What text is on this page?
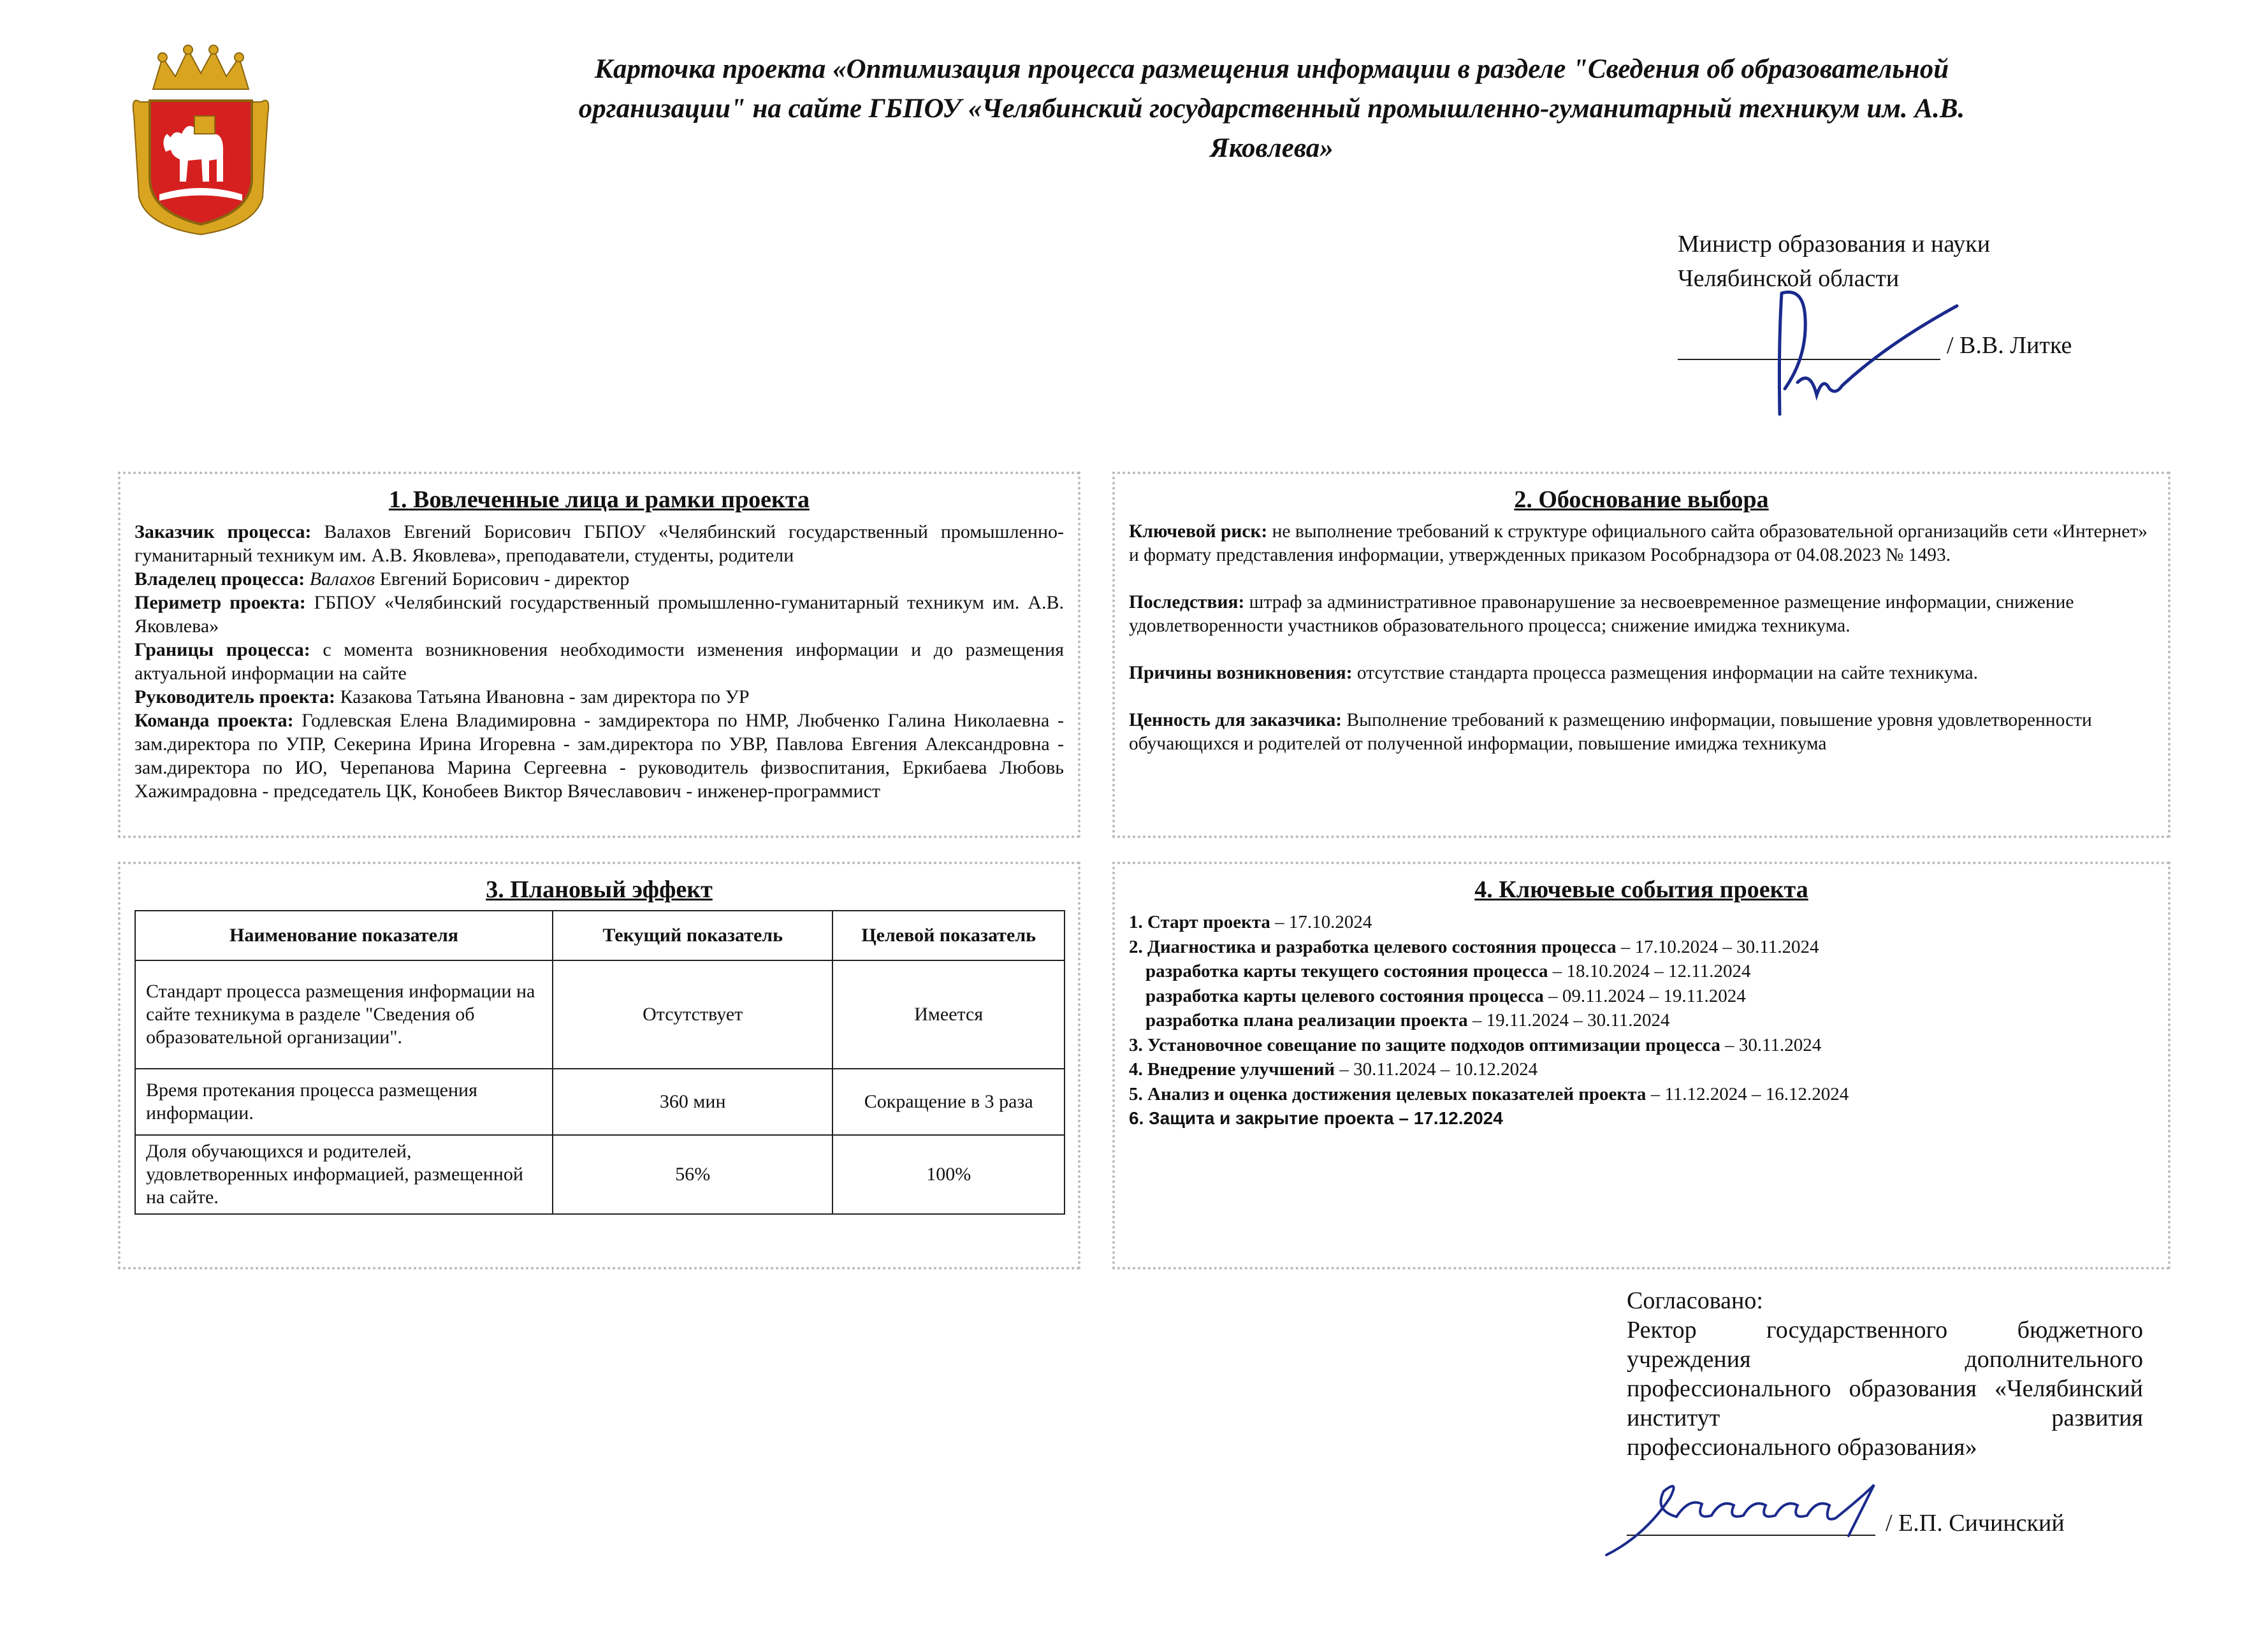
Карточка проекта «Оптимизация процесса размещения информации в разделе "Сведения об образовательной организации" на сайте ГБПОУ «Челябинский государственный промышленно-гуманитарный техникум им. А.В. Яковлева»
Министр образования и науки
Челябинской области
/ В.В. Литке
1. Вовлеченные лица и рамки проекта

Заказчик процесса: Валахов Евгений Борисович ГБПОУ «Челябинский государственный промышленно-гуманитарный техникум им. А.В. Яковлева», преподаватели, студенты, родители

Владелец процесса: Валахов Евгений Борисович - директор

Периметр проекта: ГБПОУ «Челябинский государственный промышленно-гуманитарный техникум им. А.В. Яковлева»

Границы процесса: с момента возникновения необходимости изменения информации и до размещения актуальной информации на сайте

Руководитель проекта: Казакова Татьяна Ивановна - зам директора по УР

Команда проекта: Годлевская Елена Владимировна - замдиректора по НМР, Любченко Галина Николаевна - зам.директора по УПР, Секерина Ирина Игоревна - зам.директора по УВР, Павлова Евгения Александровна - зам.директора по ИО, Черепанова Марина Сергеевна - руководитель физвоспитания, Еркибаева Любовь Хажимрадовна - председатель ЦК, Конобеев Виктор Вячеславович - инженер-программист

2. Обоснование выбора

Ключевой риск: не выполнение требований к структуре официального сайта образовательной организацийв сети «Интернет» и формату представления информации, утвержденных приказом Рособрнадзора от 04.08.2023 № 1493.

Последствия: штраф за административное правонарушение за несвоевременное размещение информации, снижение удовлетворенности участников образовательного процесса; снижение имиджа техникума.

Причины возникновения: отсутствие стандарта процесса размещения информации на сайте техникума.

Ценность для заказчика: Выполнение требований к размещению информации, повышение уровня удовлетворенности обучающихся и родителей от полученной информации, повышение имиджа техникума

3. Плановый эффект
Наименование показателя	Текущий показатель	Целевой показатель
Стандарт процесса размещения информации на сайте техникума в разделе "Сведения об образовательной организации".	Отсутствует	Имеется
Время протекания процесса размещения информации.	360 мин	Сокращение в 3 раза
Доля обучающихся и родителей, удовлетворенных информацией, размещенной на сайте.	56%	100%
4. Ключевые события проекта
1. Старт проекта – 17.10.2024
2. Диагностика и разработка целевого состояния процесса – 17.10.2024 – 30.11.2024
разработка карты текущего состояния процесса – 18.10.2024 – 12.11.2024
разработка карты целевого состояния процесса – 09.11.2024 – 19.11.2024
разработка плана реализации проекта – 19.11.2024 – 30.11.2024
3. Установочное совещание по защите подходов оптимизации процесса – 30.11.2024
4. Внедрение улучшений – 30.11.2024 – 10.12.2024
5. Анализ и оценка достижения целевых показателей проекта – 11.12.2024 – 16.12.2024
6. Защита и закрытие проекта – 17.12.2024
Согласовано:
Ректор государственного бюджетного учреждения дополнительного профессионального образования «Челябинский институт развития
профессионального образования»
/ Е.П. Сичинский
